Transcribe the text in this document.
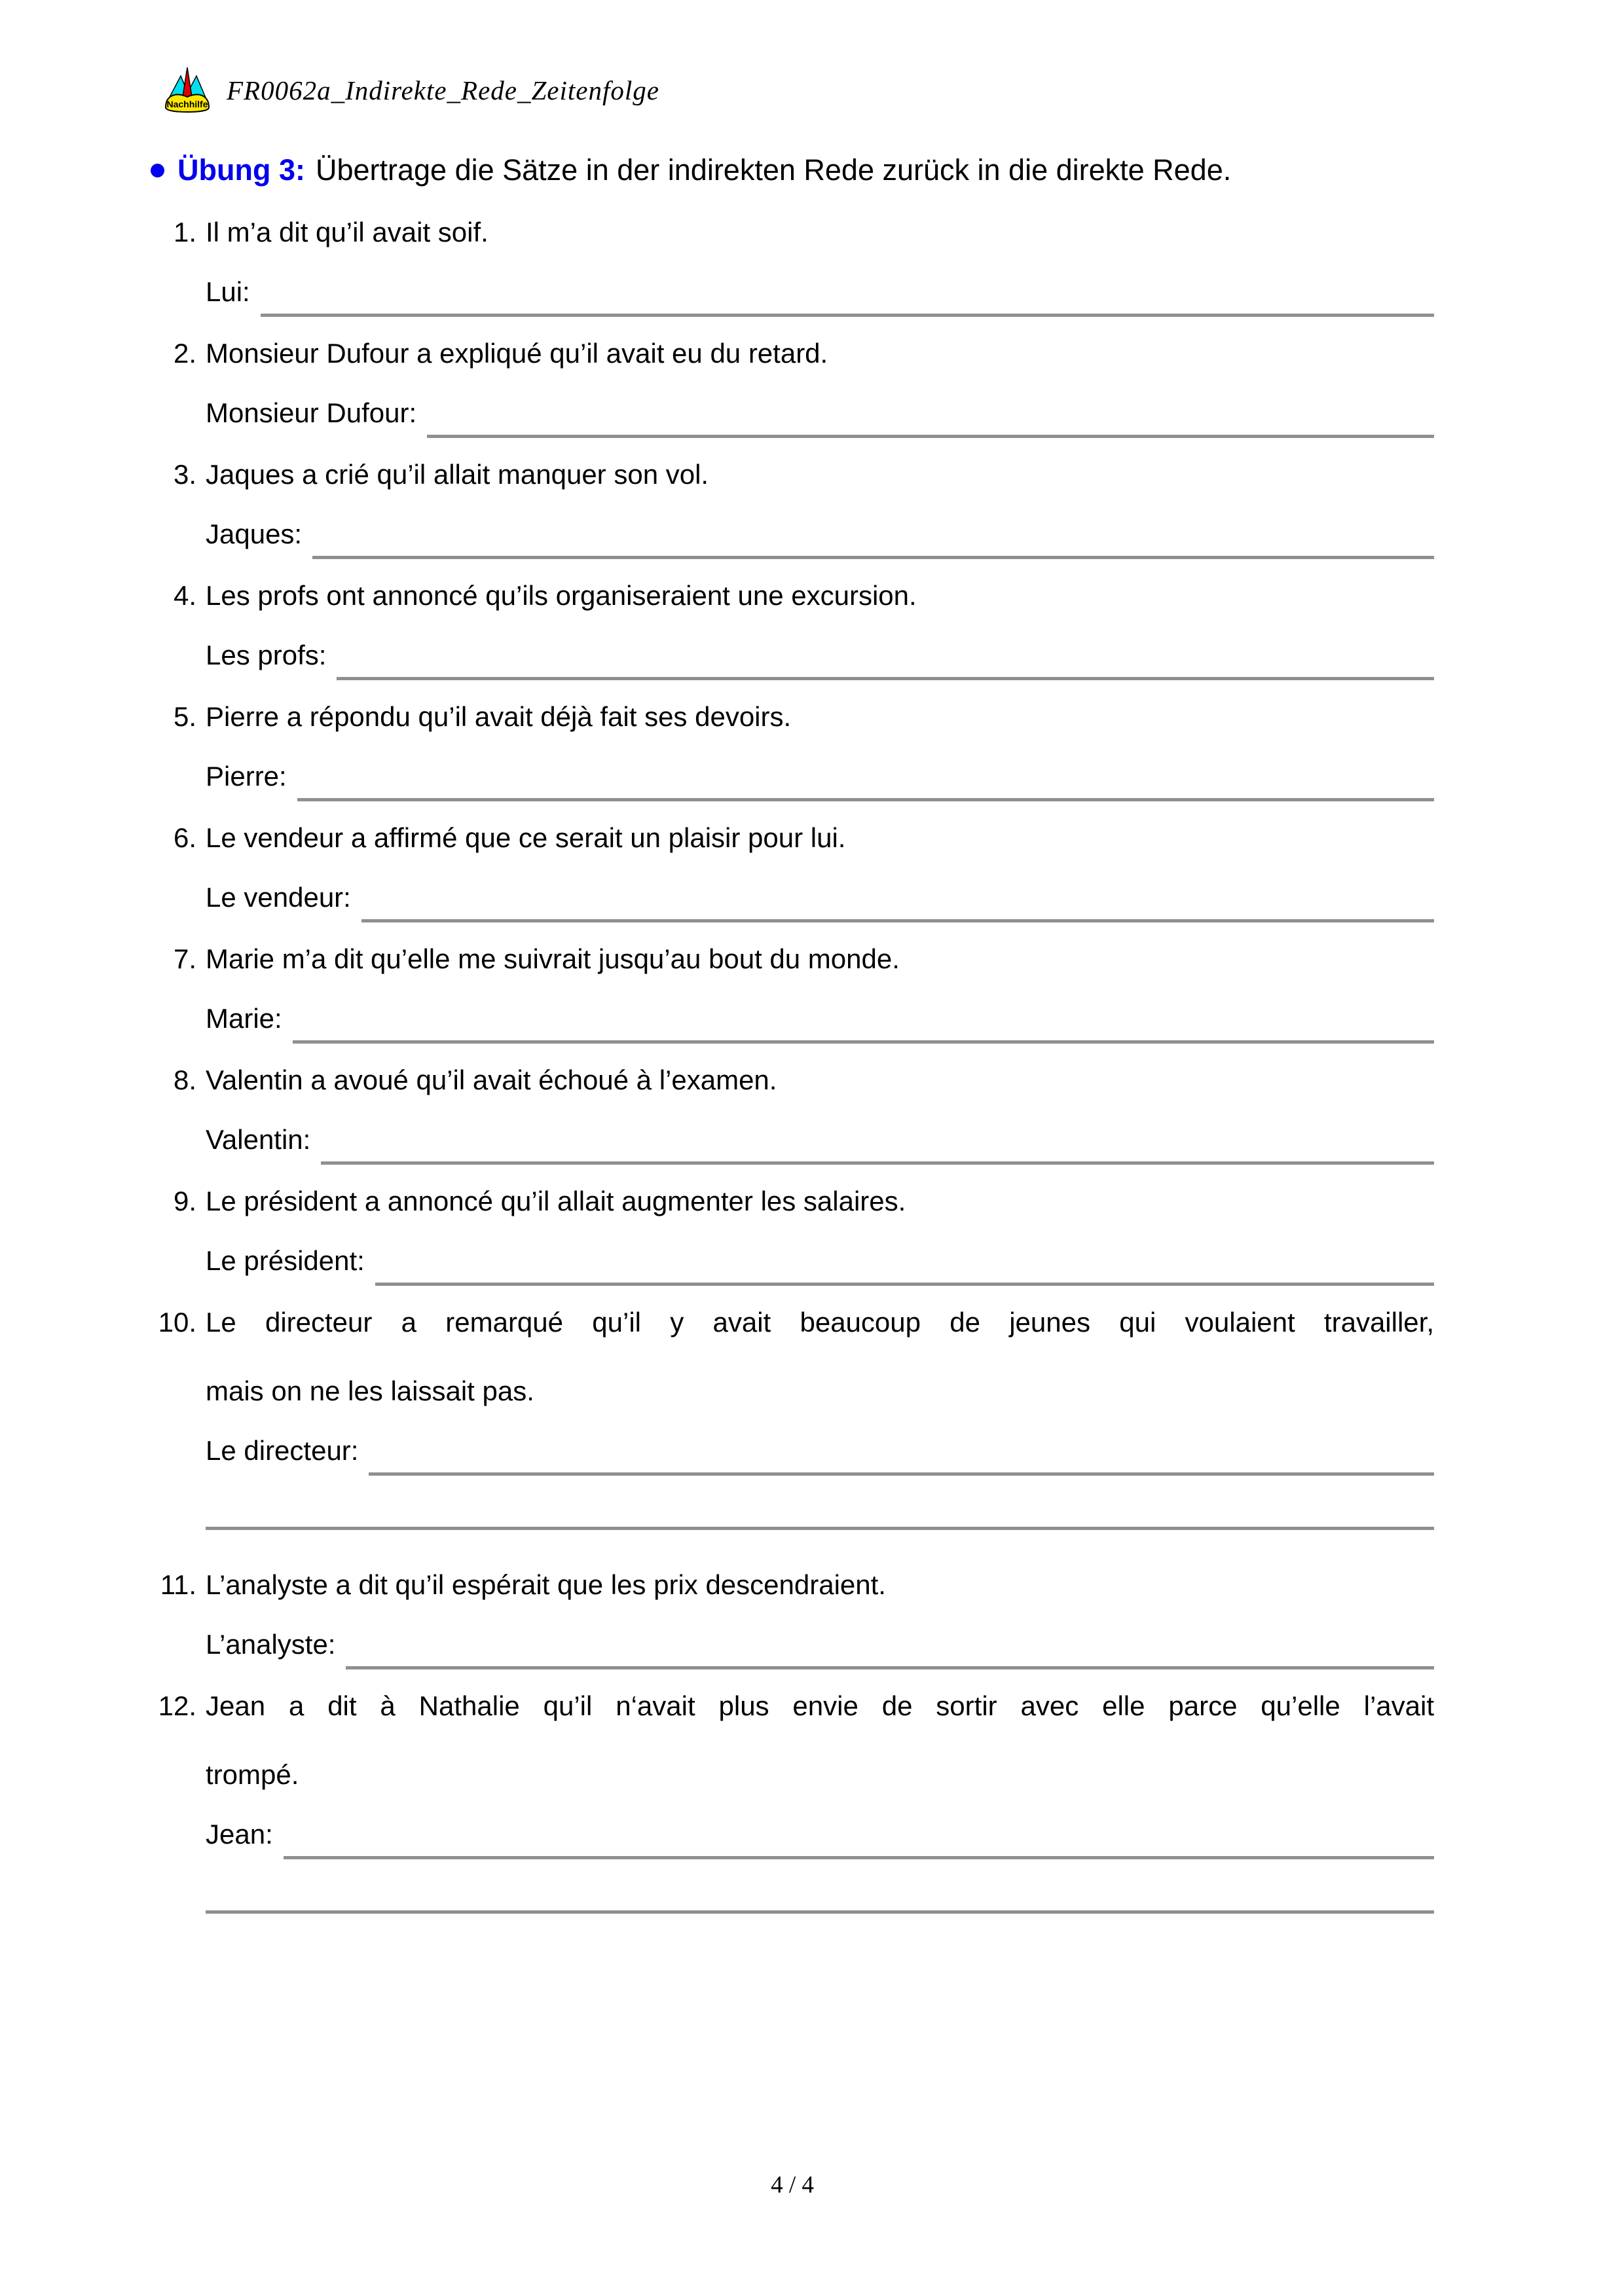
Nachhilfe FR0062a_Indirekte_Rede_Zeitenfolge
Übung 3: Übertrage die Sätze in der indirekten Rede zurück in die direkte Rede.
1. Il m’a dit qu’il avait soif.
Lui:
2. Monsieur Dufour a expliqué qu’il avait eu du retard.
Monsieur Dufour:
3. Jaques a crié qu’il allait manquer son vol.
Jaques:
4. Les profs ont annoncé qu’ils organiseraient une excursion.
Les profs:
5. Pierre a répondu qu’il avait déjà fait ses devoirs.
Pierre:
6. Le vendeur a affirmé que ce serait un plaisir pour lui.
Le vendeur:
7. Marie m’a dit qu’elle me suivrait jusqu’au bout du monde.
Marie:
8. Valentin a avoué qu’il avait échoué à l’examen.
Valentin:
9. Le président a annoncé qu’il allait augmenter les salaires.
Le président:
10. Le directeur a remarqué qu’il y avait beaucoup de jeunes qui voulaient travailler,
mais on ne les laissait pas.
Le directeur:
11. L’analyste a dit qu’il espérait que les prix descendraient.
L’analyste:
12. Jean a dit à Nathalie qu’il n‘avait plus envie de sortir avec elle parce qu’elle l’avait
trompé.
Jean:
4 / 4
